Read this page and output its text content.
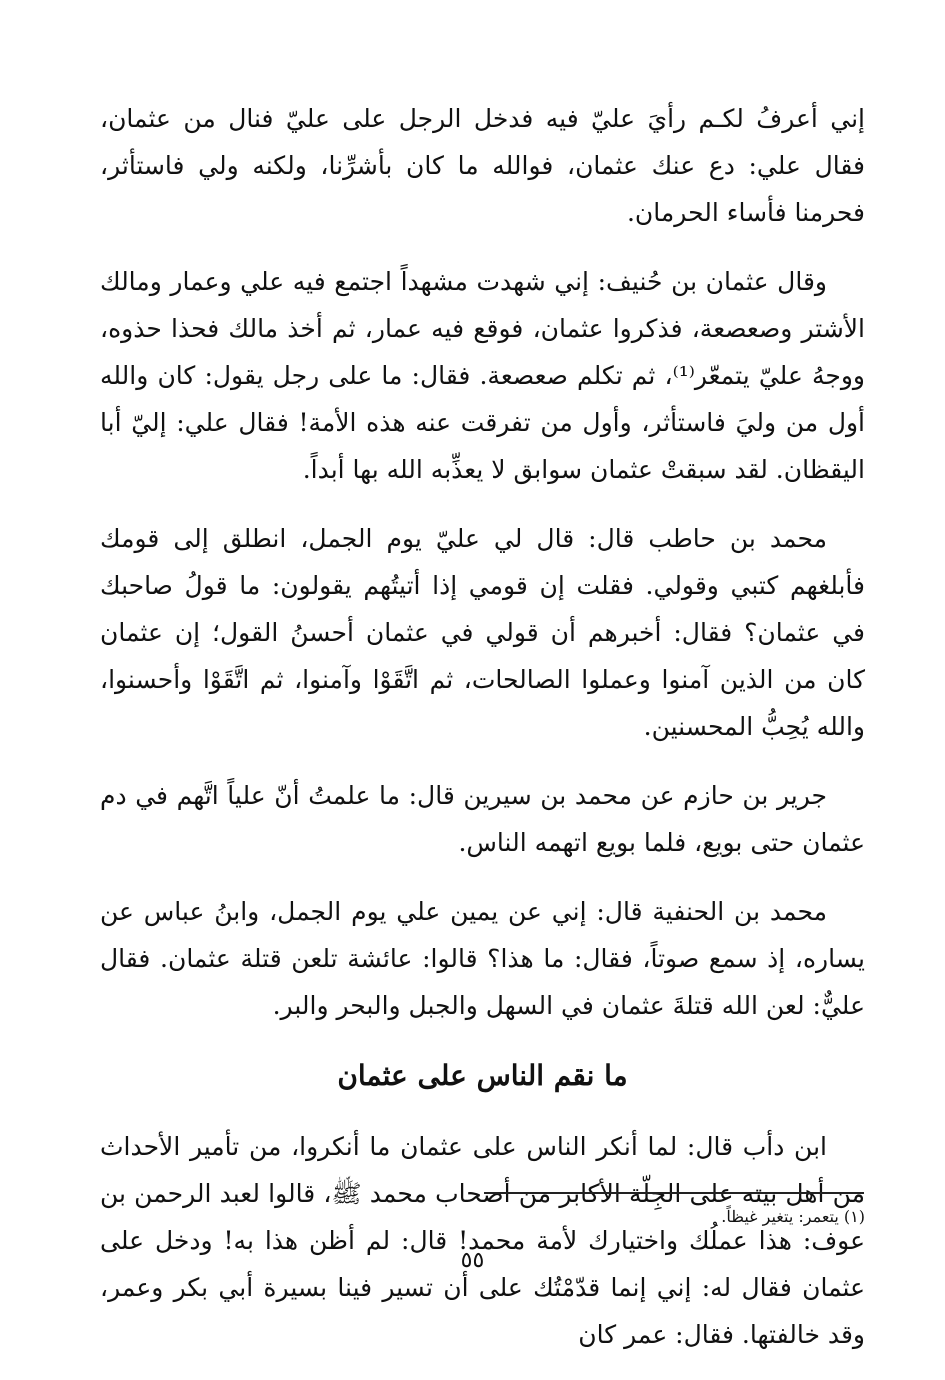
إني أعرفُ لكـم رأيَ عليّ فيه فدخل الرجل على عليّ فنال من عثمان، فقال علي: دع عنك عثمان، فوالله ما كان بأشرِّنا، ولكنه ولي فاستأثر، فحرمنا فأساء الحرمان.

وقال عثمان بن حُنيف: إني شهدت مشهداً اجتمع فيه علي وعمار ومالك الأشتر وصعصعة، فذكروا عثمان، فوقع فيه عمار، ثم أخذ مالك فحذا حذوه، ووجهُ عليّ يتمعّر⁽¹⁾، ثم تكلم صعصعة. فقال: ما على رجل يقول: كان والله أول من وليَ فاستأثر، وأول من تفرقت عنه هذه الأمة! فقال علي: إليّ أبا اليقظان. لقد سبقتْ عثمان سوابق لا يعذِّبه الله بها أبداً.

محمد بن حاطب قال: قال لي عليّ يوم الجمل، انطلق إلى قومك فأبلغهم كتبي وقولي. فقلت إن قومي إذا أتيتُهم يقولون: ما قولُ صاحبك في عثمان؟ فقال: أخبرهم أن قولي في عثمان أحسنُ القول؛ إن عثمان كان من الذين آمنوا وعملوا الصالحات، ثم اتَّقَوْا وآمنوا، ثم اتَّقَوْا وأحسنوا، والله يُحِبُّ المحسنين.

جرير بن حازم عن محمد بن سيرين قال: ما علمتُ أنّ علياً اتَّهم في دم عثمان حتى بويع، فلما بويع اتهمه الناس.

محمد بن الحنفية قال: إني عن يمين علي يوم الجمل، وابنُ عباس عن يساره، إذ سمع صوتاً، فقال: ما هذا؟ قالوا: عائشة تلعن قتلة عثمان. فقال عليٌّ: لعن الله قتلةَ عثمان في السهل والجبل والبحر والبر.

ما نقم الناس على عثمان

ابن دأب قال: لما أنكر الناس على عثمان ما أنكروا، من تأمير الأحداث من أهل بيته على الجِلّة الأكابر من أصحاب محمد ﷺ، قالوا لعبد الرحمن بن عوف: هذا عملُك واختيارك لأمة محمد! قال: لم أظن هذا به! ودخل على عثمان فقال له: إني إنما قدّمْتُك على أن تسير فينا بسيرة أبي بكر وعمر، وقد خالفتها. فقال: عمر كان

(١) يتعمر: يتغير غيظاً.
٥٥
